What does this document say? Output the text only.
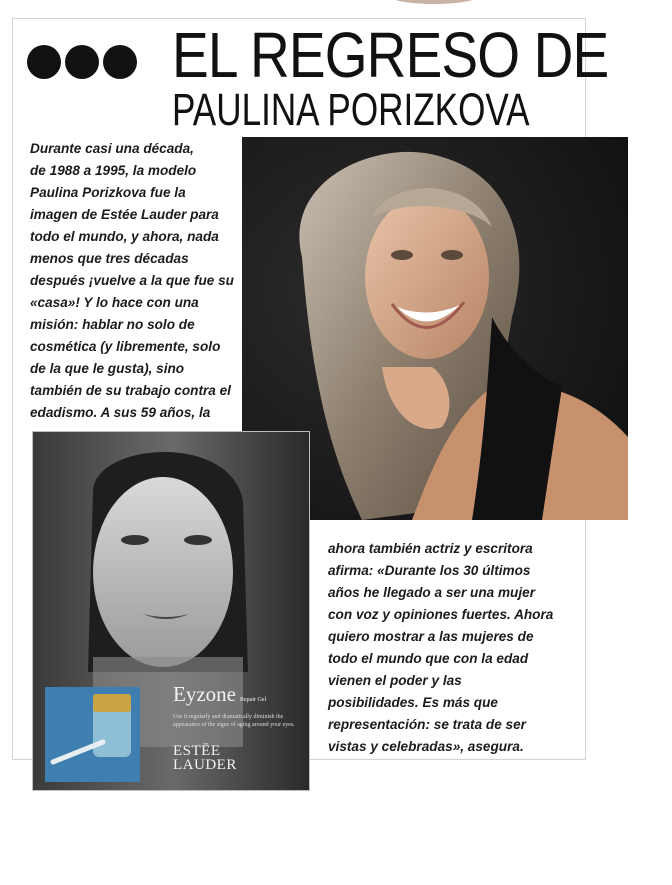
EL REGRESO DE
PAULINA PORIZKOVA

Durante casi una década,
de 1988 a 1995, la modelo
Paulina Porizkova fue la
imagen de Estée Lauder para
todo el mundo, y ahora, nada
menos que tres décadas
después ¡vuelve a la que fue su
«casa»! Y lo hace con una
misión: hablar no solo de
cosmética (y libremente, solo
de la que le gusta), sino
también de su trabajo contra el
edadismo. A sus 59 años, la

Eyzone Repair Gel
Use it regularly and dramatically diminish the appearance of the signs of aging around your eyes.
ESTĒE
LAUDER

ahora también actriz y escritora
afirma: «Durante los 30 últimos
años he llegado a ser una mujer
con voz y opiniones fuertes. Ahora
quiero mostrar a las mujeres de
todo el mundo que con la edad
vienen el poder y las
posibilidades. Es más que
representación: se trata de ser
vistas y celebradas», asegura.
